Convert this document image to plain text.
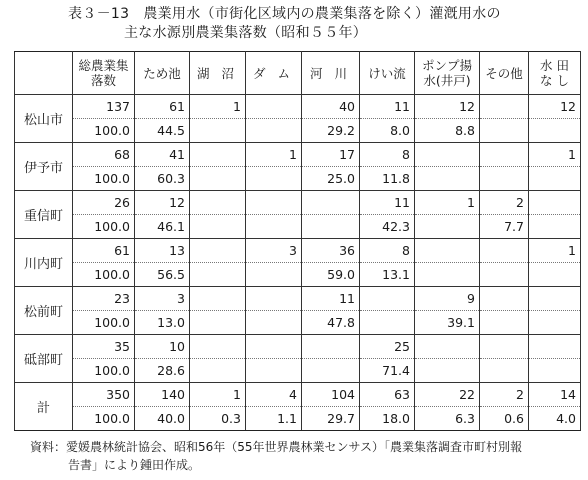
表３－13 農業用水（市街化区域内の農業集落を除く）灌漑用水の
主な水源別農業集落数（昭和５５年）
	総農業集落数	ため池	湖 沼	ダ ム	河 川	けい流	ポンプ揚水(井戸)	その他	水 田 な し
松山市	137	61	1		40	11	12		12
	100.0	44.5			29.2	8.0	8.8		
伊予市	68	41		1	17	8			1
	100.0	60.3			25.0	11.8			
重信町	26	12				11	1	2	
	100.0	46.1				42.3		7.7	
川内町	61	13		3	36	8			1
	100.0	56.5			59.0	13.1			
松前町	23	3			11		9		
	100.0	13.0			47.8		39.1		
砥部町	35	10				25			
	100.0	28.6				71.4			
計	350	140	1	4	104	63	22	2	14
	100.0	40.0	0.3	1.1	29.7	18.0	6.3	0.6	4.0
資料：愛媛農林統計協会、昭和56年（55年世界農林業センサス）「農業集落調査市町村別報
告書」により鍾田作成。
